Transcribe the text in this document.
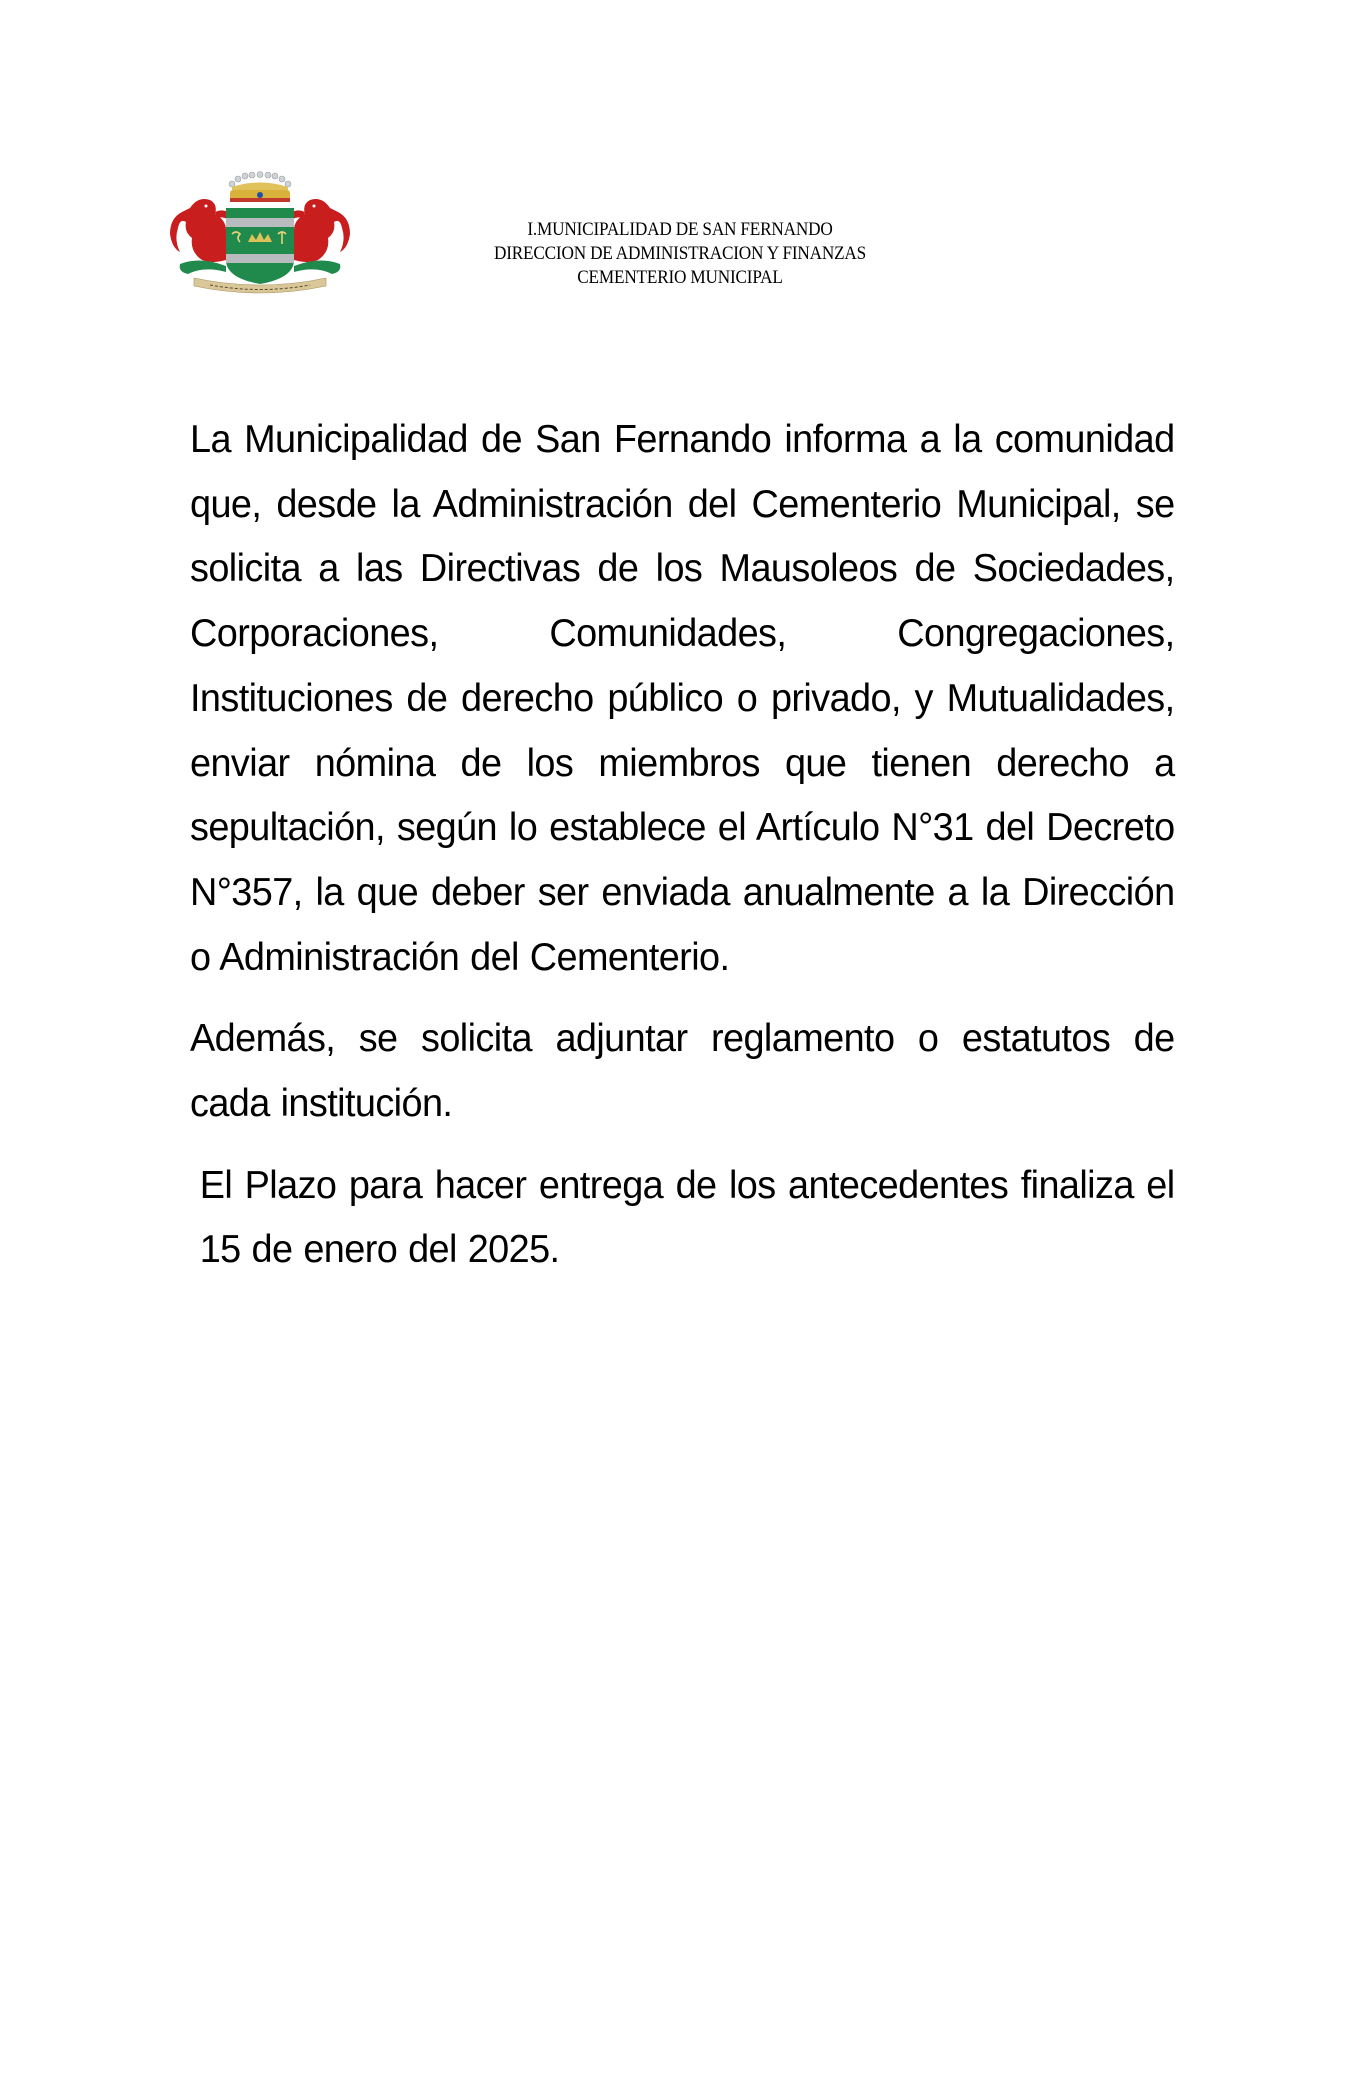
I.MUNICIPALIDAD DE SAN FERNANDO
DIRECCION DE ADMINISTRACION Y FINANZAS
CEMENTERIO MUNICIPAL

La Municipalidad de San Fernando informa a la comunidad que, desde la Administración del Cementerio Municipal, se solicita a las Directivas de los Mausoleos de Sociedades, Corporaciones, Comunidades, Congregaciones, Instituciones de derecho público o privado, y Mutualidades, enviar nómina de los miembros que tienen derecho a sepultación, según lo establece el Artículo N°31 del Decreto N°357, la que deber ser enviada anualmente a la Dirección o Administración del Cementerio.

Además, se solicita adjuntar reglamento o estatutos de cada institución.

El Plazo para hacer entrega de los antecedentes finaliza el 15 de enero del 2025.
